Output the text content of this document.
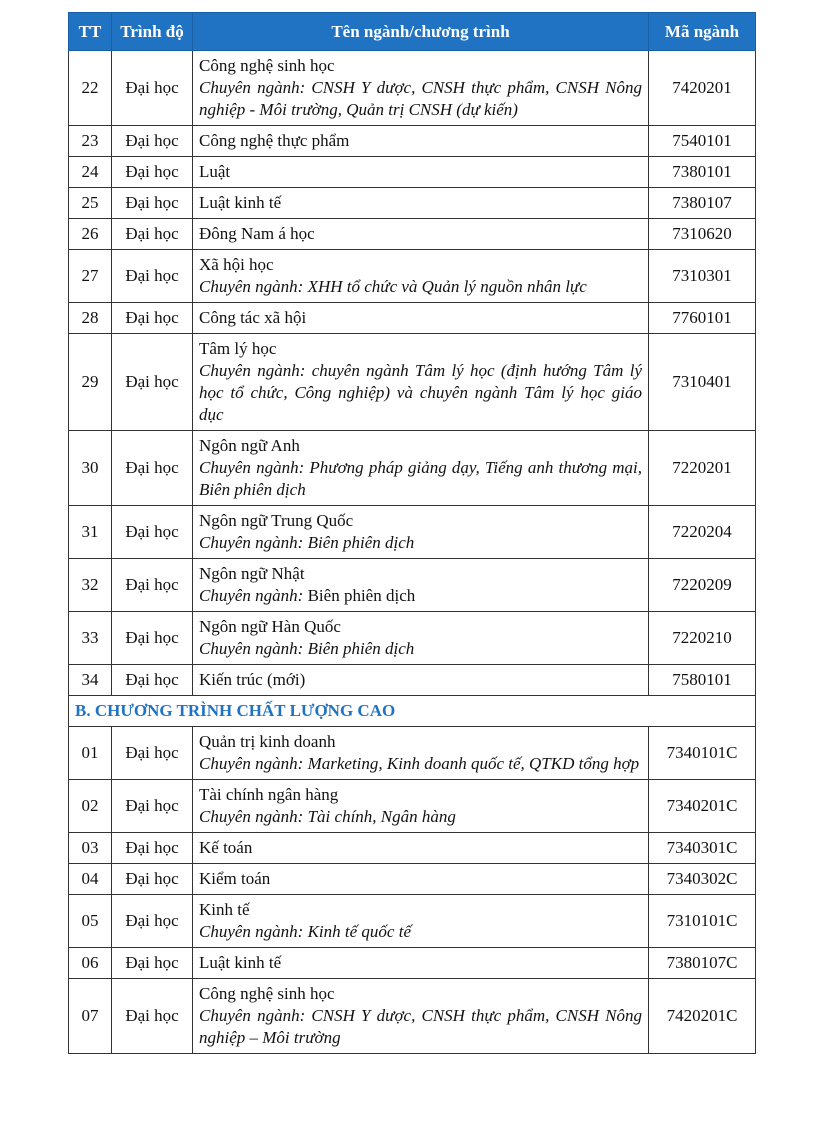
TT	Trình độ	Tên ngành/chương trình	Mã ngành
22	Đại học	Công nghệ sinh học
Chuyên ngành: CNSH Y dược, CNSH thực phẩm, CNSH Nông nghiệp - Môi trường, Quản trị CNSH (dự kiến)	7420201
23	Đại học	Công nghệ thực phẩm	7540101
24	Đại học	Luật	7380101
25	Đại học	Luật kinh tế	7380107
26	Đại học	Đông Nam á học	7310620
27	Đại học	Xã hội học
Chuyên ngành: XHH tổ chức và Quản lý nguồn nhân lực	7310301
28	Đại học	Công tác xã hội	7760101
29	Đại học	Tâm lý học
Chuyên ngành: chuyên ngành Tâm lý học (định hướng Tâm lý học tổ chức, Công nghiệp) và chuyên ngành Tâm lý học giáo dục	7310401
30	Đại học	Ngôn ngữ Anh
Chuyên ngành: Phương pháp giảng dạy, Tiếng anh thương mại, Biên phiên dịch	7220201
31	Đại học	Ngôn ngữ Trung Quốc
Chuyên ngành: Biên phiên dịch	7220204
32	Đại học	Ngôn ngữ Nhật
Chuyên ngành: Biên phiên dịch	7220209
33	Đại học	Ngôn ngữ Hàn Quốc
Chuyên ngành: Biên phiên dịch	7220210
34	Đại học	Kiến trúc (mới)	7580101
B. CHƯƠNG TRÌNH CHẤT LƯỢNG CAO			
01	Đại học	Quản trị kinh doanh
Chuyên ngành: Marketing, Kinh doanh quốc tế, QTKD tổng hợp	7340101C
02	Đại học	Tài chính ngân hàng
Chuyên ngành: Tài chính, Ngân hàng	7340201C
03	Đại học	Kế toán	7340301C
04	Đại học	Kiểm toán	7340302C
05	Đại học	Kinh tế
Chuyên ngành: Kinh tế quốc tế	7310101C
06	Đại học	Luật kinh tế	7380107C
07	Đại học	Công nghệ sinh học
Chuyên ngành: CNSH Y dược, CNSH thực phẩm, CNSH Nông nghiệp – Môi trường	7420201C
